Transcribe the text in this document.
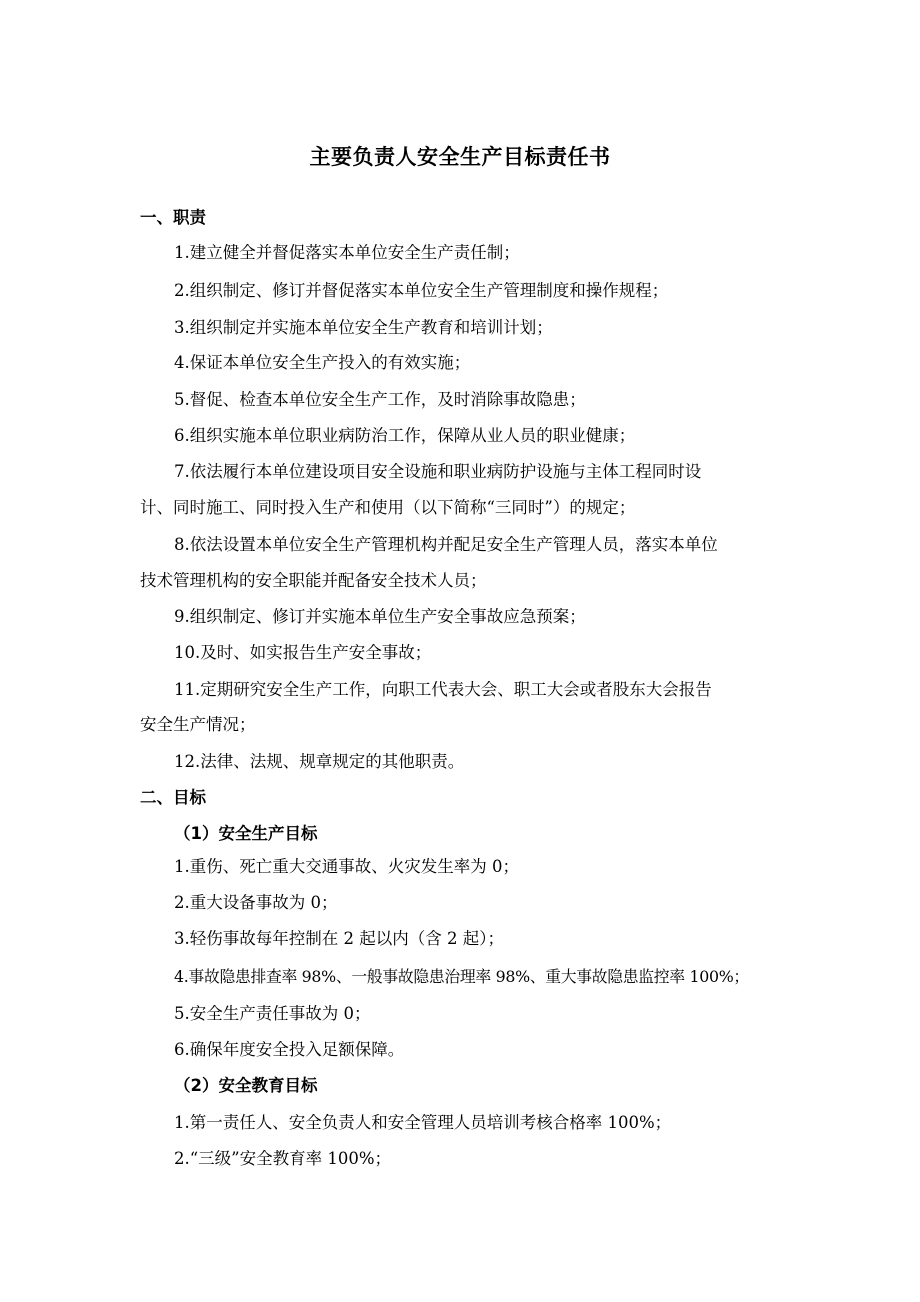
主要负责人安全生产目标责任书
一、职责
1.建立健全并督促落实本单位安全生产责任制；
2.组织制定、修订并督促落实本单位安全生产管理制度和操作规程；
3.组织制定并实施本单位安全生产教育和培训计划；
4.保证本单位安全生产投入的有效实施；
5.督促、检查本单位安全生产工作，及时消除事故隐患；
6.组织实施本单位职业病防治工作，保障从业人员的职业健康；
7.依法履行本单位建设项目安全设施和职业病防护设施与主体工程同时设
计、同时施工、同时投入生产和使用（以下简称“三同时”）的规定；
8.依法设置本单位安全生产管理机构并配足安全生产管理人员，落实本单位
技术管理机构的安全职能并配备安全技术人员；
9.组织制定、修订并实施本单位生产安全事故应急预案；
10.及时、如实报告生产安全事故；
11.定期研究安全生产工作，向职工代表大会、职工大会或者股东大会报告
安全生产情况；
12.法律、法规、规章规定的其他职责。
二、目标
（1）安全生产目标
1.重伤、死亡重大交通事故、火灾发生率为 0；
2.重大设备事故为 0；
3.轻伤事故每年控制在 2 起以内（含 2 起）；
4.事故隐患排查率 98%、一般事故隐患治理率 98%、重大事故隐患监控率 100%；
5.安全生产责任事故为 0；
6.确保年度安全投入足额保障。
（2）安全教育目标
1.第一责任人、安全负责人和安全管理人员培训考核合格率 100%；
2.“三级”安全教育率 100%；
